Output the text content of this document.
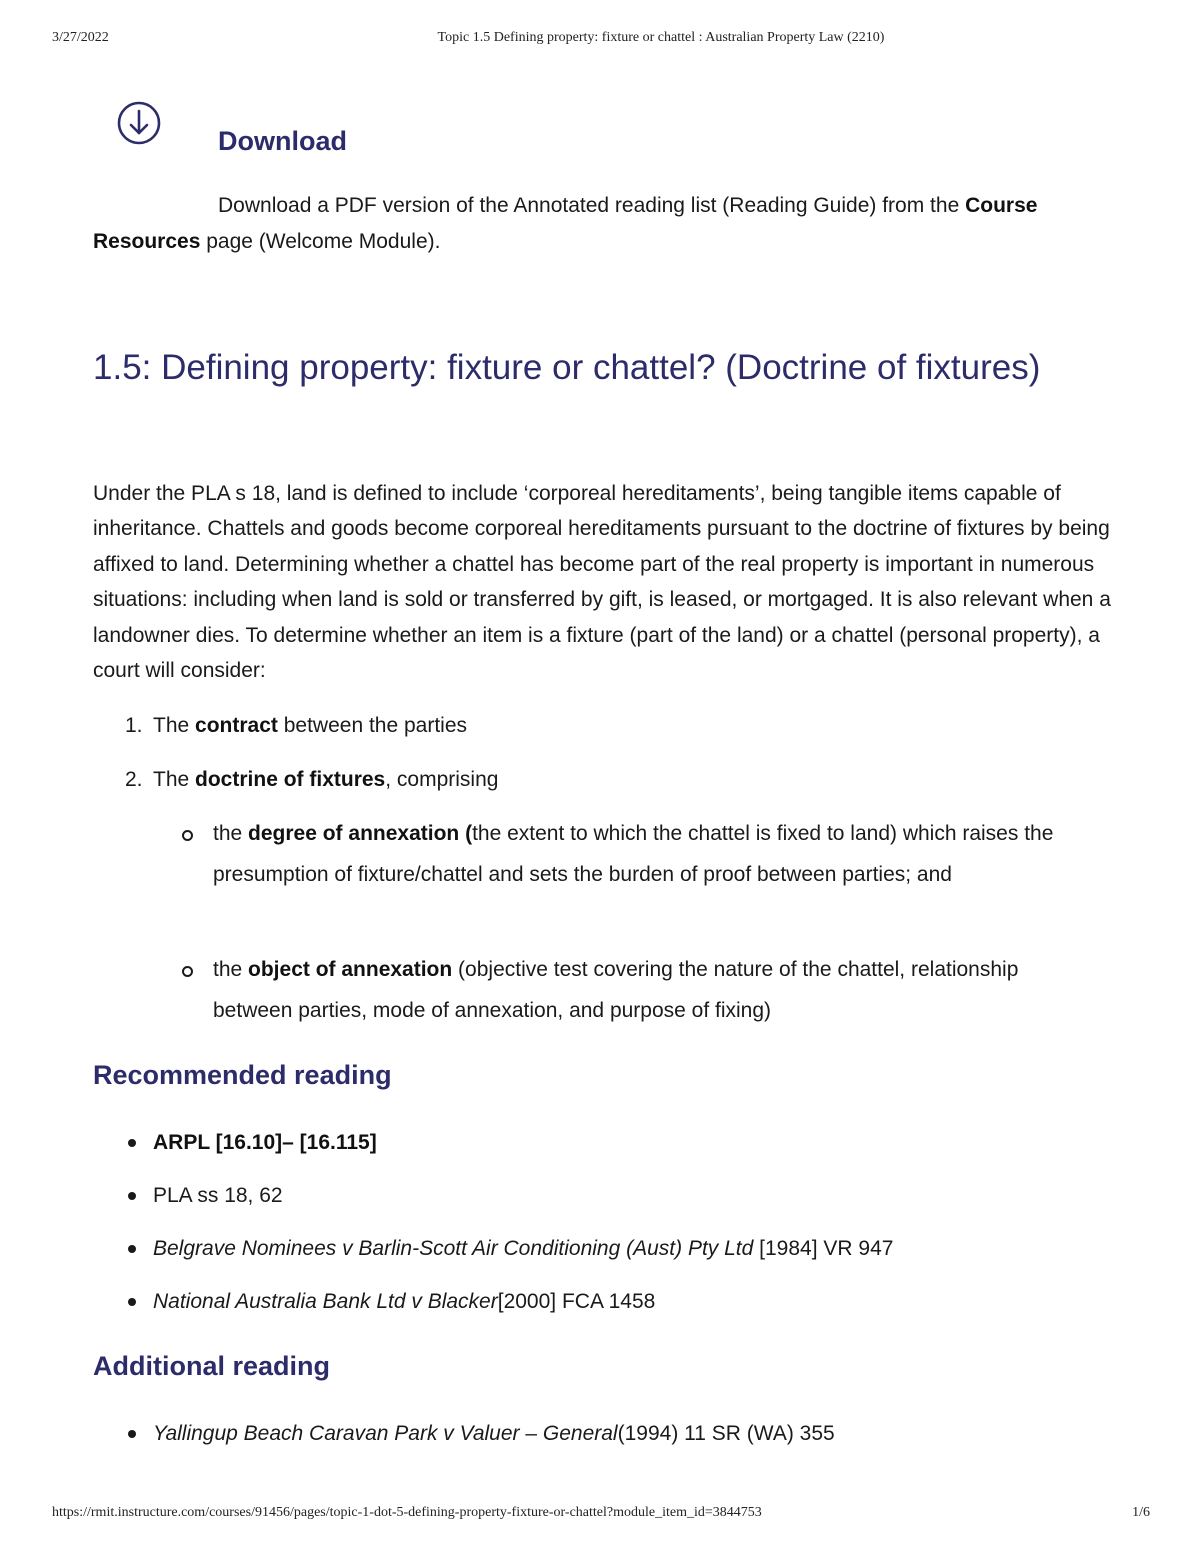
3/27/2022	Topic 1.5 Defining property: fixture or chattel : Australian Property Law (2210)
Download

Download a PDF version of the Annotated reading list (Reading Guide) from the Course Resources page (Welcome Module).

1.5: Defining property: fixture or chattel? (Doctrine of fixtures)

Under the PLA s 18, land is defined to include ‘corporeal hereditaments’, being tangible items capable of inheritance. Chattels and goods become corporeal hereditaments pursuant to the doctrine of fixtures by being affixed to land. Determining whether a chattel has become part of the real property is important in numerous situations: including when land is sold or transferred by gift, is leased, or mortgaged. It is also relevant when a landowner dies. To determine whether an item is a fixture (part of the land) or a chattel (personal property), a court will consider:

1. The contract between the parties
2. The doctrine of fixtures, comprising
the degree of annexation (the extent to which the chattel is fixed to land) which raises the presumption of fixture/chattel and sets the burden of proof between parties; and
the object of annexation (objective test covering the nature of the chattel, relationship between parties, mode of annexation, and purpose of fixing)
Recommended reading
ARPL [16.10]– [16.115]
PLA ss 18, 62
Belgrave Nominees v Barlin-Scott Air Conditioning (Aust) Pty Ltd [1984] VR 947
National Australia Bank Ltd v Blacker[2000] FCA 1458
Additional reading
Yallingup Beach Caravan Park v Valuer – General(1994) 11 SR (WA) 355
https://rmit.instructure.com/courses/91456/pages/topic-1-dot-5-defining-property-fixture-or-chattel?module_item_id=3844753	1/6
